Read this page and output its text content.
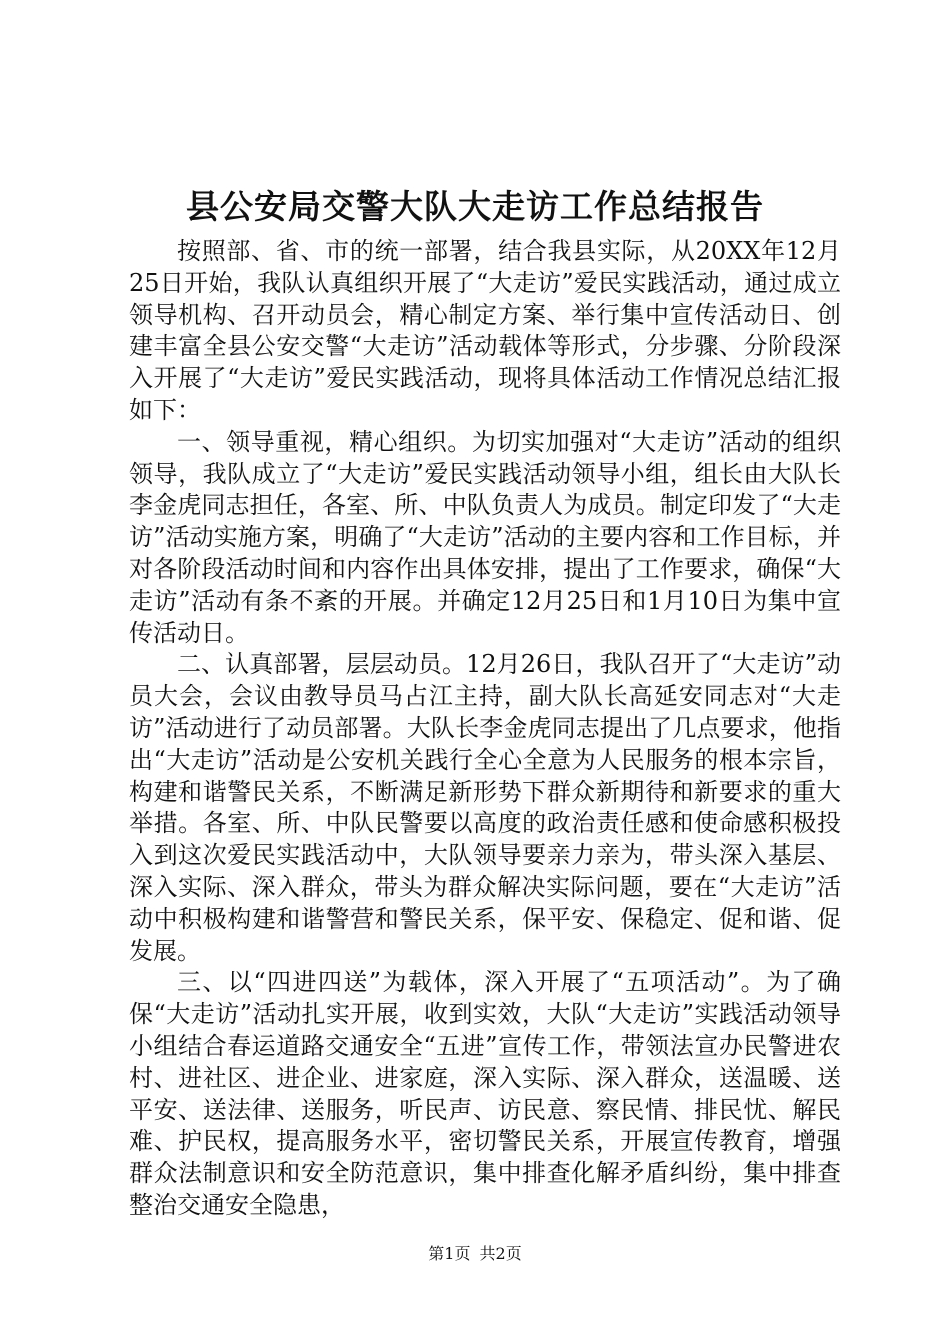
县公安局交警大队大走访工作总结报告

按照部、省、市的统一部署，结合我县实际，从20XX年12月25日开始，我队认真组织开展了“大走访”爱民实践活动，通过成立领导机构、召开动员会，精心制定方案、举行集中宣传活动日、创建丰富全县公安交警“大走访”活动载体等形式，分步骤、分阶段深入开展了“大走访”爱民实践活动，现将具体活动工作情况总结汇报如下：

一、领导重视，精心组织。为切实加强对“大走访”活动的组织领导，我队成立了“大走访”爱民实践活动领导小组，组长由大队长李金虎同志担任，各室、所、中队负责人为成员。制定印发了“大走访”活动实施方案，明确了“大走访”活动的主要内容和工作目标，并对各阶段活动时间和内容作出具体安排，提出了工作要求，确保“大走访”活动有条不紊的开展。并确定12月25日和1月10日为集中宣传活动日。

二、认真部署，层层动员。12月26日，我队召开了“大走访”动员大会，会议由教导员马占江主持，副大队长高延安同志对“大走访”活动进行了动员部署。大队长李金虎同志提出了几点要求，他指出“大走访”活动是公安机关践行全心全意为人民服务的根本宗旨，构建和谐警民关系，不断满足新形势下群众新期待和新要求的重大举措。各室、所、中队民警要以高度的政治责任感和使命感积极投入到这次爱民实践活动中，大队领导要亲力亲为，带头深入基层、深入实际、深入群众，带头为群众解决实际问题，要在“大走访”活动中积极构建和谐警营和警民关系，保平安、保稳定、促和谐、促发展。

三、以“四进四送”为载体，深入开展了“五项活动”。为了确保“大走访”活动扎实开展，收到实效，大队“大走访”实践活动领导小组结合春运道路交通安全“五进”宣传工作，带领法宣办民警进农村、进社区、进企业、进家庭，深入实际、深入群众，送温暖、送平安、送法律、送服务，听民声、访民意、察民情、排民忧、解民难、护民权，提高服务水平，密切警民关系，开展宣传教育，增强群众法制意识和安全防范意识，集中排查化解矛盾纠纷，集中排查整治交通安全隐患，

第1页 共2页
